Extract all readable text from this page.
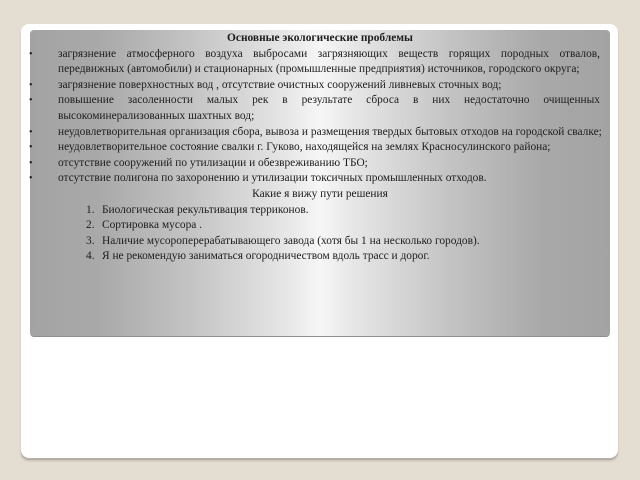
Основные экологические проблемы

• загрязнение атмосферного воздуха выбросами загрязняющих веществ горящих породных отвалов, передвижных (автомобили) и стационарных (промышленные предприятия) источников, городского округа;
• загрязнение поверхностных вод , отсутствие очистных сооружений ливневых сточных вод;
• повышение засоленности малых рек в результате сброса в них недостаточно очищенных высокоминерализованных шахтных вод;
• неудовлетворительная организация сбора, вывоза и размещения твердых бытовых отходов на городской свалке;
• неудовлетворительное состояние свалки г. Гуково, находящейся на землях Красносулинского района;
• отсутствие сооружений по утилизации и обезвреживанию ТБО;
• отсутствие полигона по захоронению и утилизации токсичных промышленных отходов.

Какие я вижу пути решения

1. Биологическая рекультивация терриконов.
2. Сортировка мусора .
3. Наличие мусороперерабатывающего завода (хотя бы 1 на несколько городов).
4. Я не рекомендую заниматься огородничеством вдоль трасс и дорог.
